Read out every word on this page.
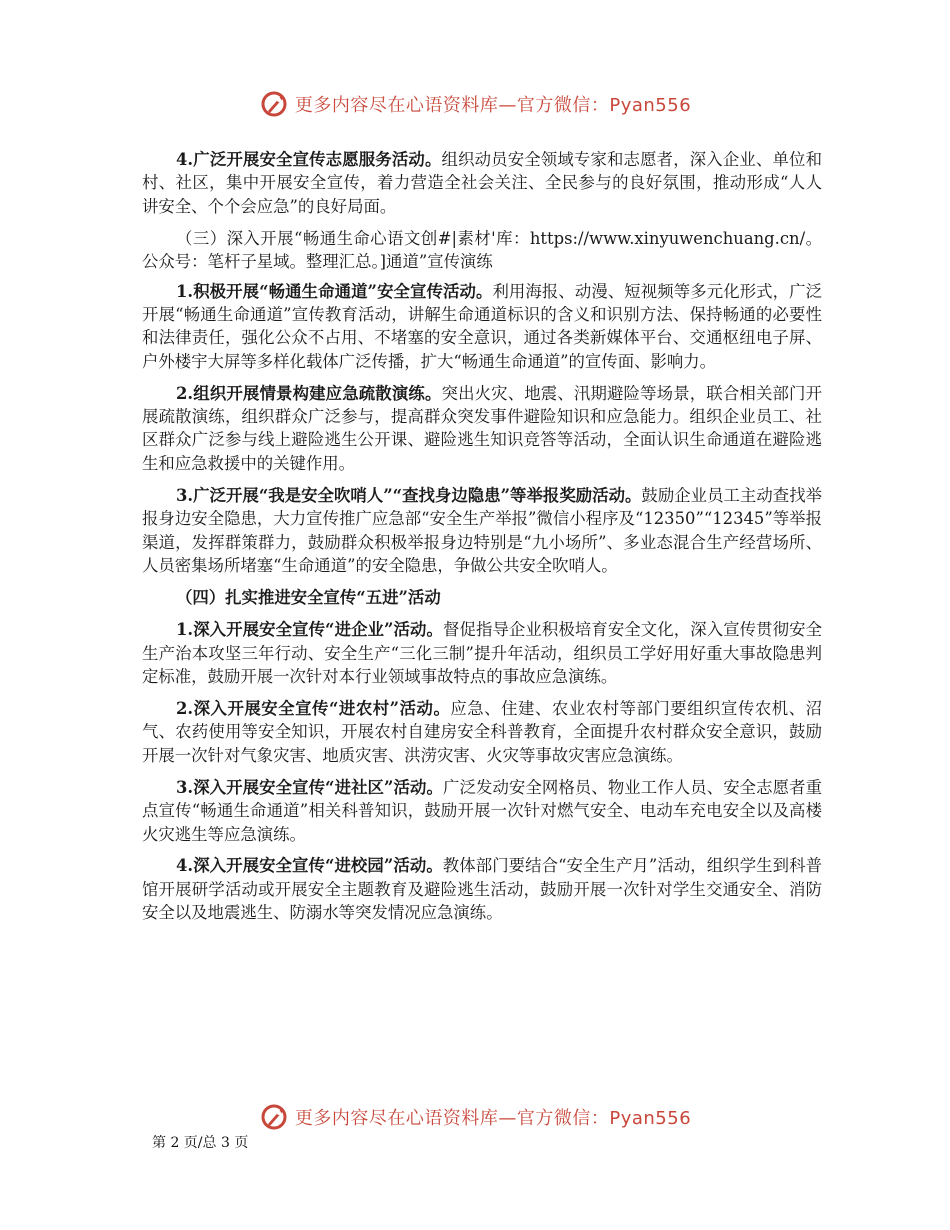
更多内容尽在心语资料库—官方微信：Pyan556

4.广泛开展安全宣传志愿服务活动。组织动员安全领域专家和志愿者，深入企业、单位和村、社区，集中开展安全宣传，着力营造全社会关注、全民参与的良好氛围，推动形成“人人讲安全、个个会应急”的良好局面。

（三）深入开展“畅通生命心语文创#|素材'库：https://www.xinyuwenchuang.cn/。公众号：笔杆子星域。整理汇总。]通道”宣传演练

1.积极开展“畅通生命通道”安全宣传活动。利用海报、动漫、短视频等多元化形式，广泛开展“畅通生命通道”宣传教育活动，讲解生命通道标识的含义和识别方法、保持畅通的必要性和法律责任，强化公众不占用、不堵塞的安全意识，通过各类新媒体平台、交通枢纽电子屏、户外楼宇大屏等多样化载体广泛传播，扩大“畅通生命通道”的宣传面、影响力。

2.组织开展情景构建应急疏散演练。突出火灾、地震、汛期避险等场景，联合相关部门开展疏散演练，组织群众广泛参与，提高群众突发事件避险知识和应急能力。组织企业员工、社区群众广泛参与线上避险逃生公开课、避险逃生知识竞答等活动，全面认识生命通道在避险逃生和应急救援中的关键作用。

3.广泛开展“我是安全吹哨人”“查找身边隐患”等举报奖励活动。鼓励企业员工主动查找举报身边安全隐患，大力宣传推广应急部“安全生产举报”微信小程序及“12350”“12345”等举报渠道，发挥群策群力，鼓励群众积极举报身边特别是“九小场所”、多业态混合生产经营场所、人员密集场所堵塞“生命通道”的安全隐患，争做公共安全吹哨人。

（四）扎实推进安全宣传“五进”活动

1.深入开展安全宣传“进企业”活动。督促指导企业积极培育安全文化，深入宣传贯彻安全生产治本攻坚三年行动、安全生产“三化三制”提升年活动，组织员工学好用好重大事故隐患判定标准，鼓励开展一次针对本行业领域事故特点的事故应急演练。

2.深入开展安全宣传“进农村”活动。应急、住建、农业农村等部门要组织宣传农机、沼气、农药使用等安全知识，开展农村自建房安全科普教育，全面提升农村群众安全意识，鼓励开展一次针对气象灾害、地质灾害、洪涝灾害、火灾等事故灾害应急演练。

3.深入开展安全宣传“进社区”活动。广泛发动安全网格员、物业工作人员、安全志愿者重点宣传“畅通生命通道”相关科普知识，鼓励开展一次针对燃气安全、电动车充电安全以及高楼火灾逃生等应急演练。

4.深入开展安全宣传“进校园”活动。教体部门要结合“安全生产月”活动，组织学生到科普馆开展研学活动或开展安全主题教育及避险逃生活动，鼓励开展一次针对学生交通安全、消防安全以及地震逃生、防溺水等突发情况应急演练。

更多内容尽在心语资料库—官方微信：Pyan556
第 2 页/总 3 页
